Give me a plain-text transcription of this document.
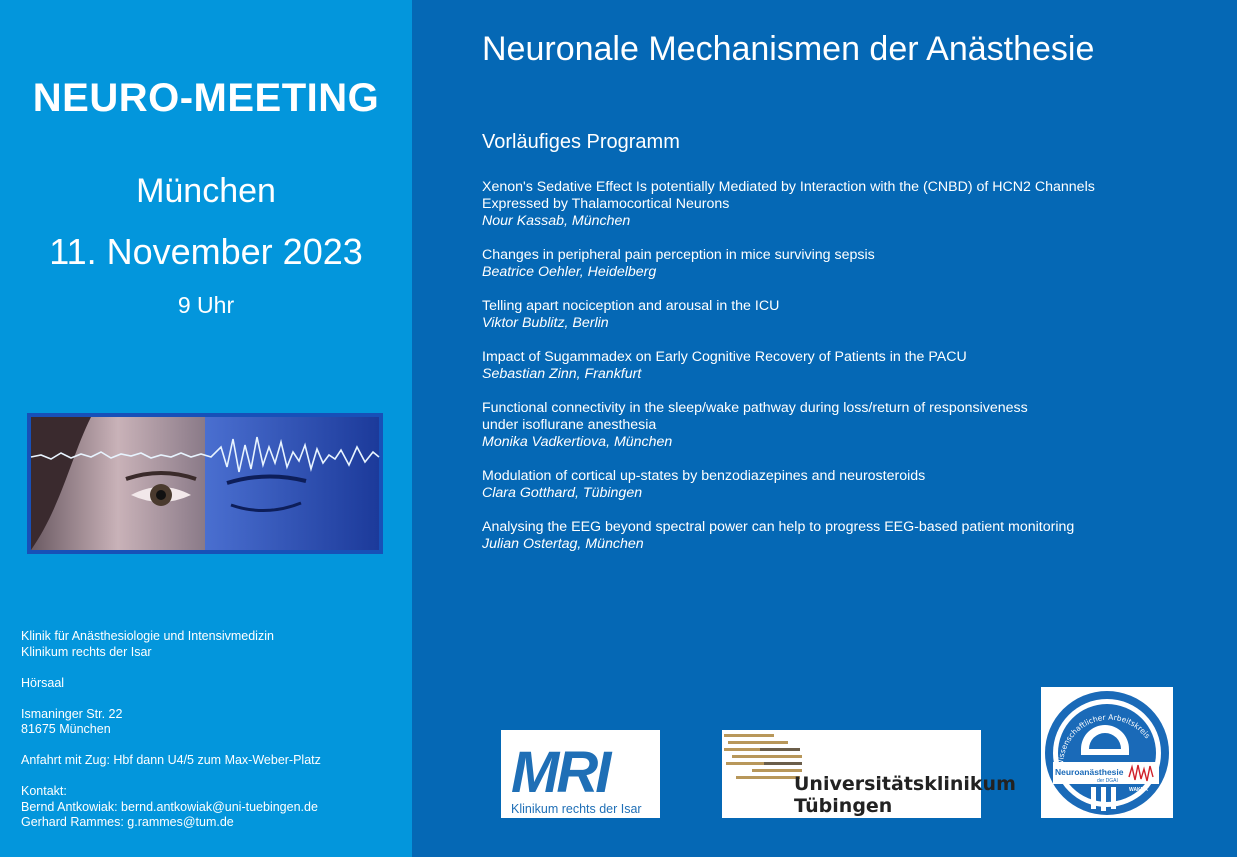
NEURO-MEETING
München
11. November 2023
9 Uhr
Klinik für Anästhesiologie und Intensivmedizin
Klinikum rechts der Isar
Hörsaal
Ismaninger Str. 22
81675 München
Anfahrt mit Zug: Hbf dann U4/5 zum Max-Weber-Platz
Kontakt:
Bernd Antkowiak: bernd.antkowiak@uni-tuebingen.de
Gerhard Rammes: g.rammes@tum.de
Neuronale Mechanismen der Anästhesie
Vorläufiges Programm
Xenon's Sedative Effect Is potentially Mediated by Interaction with the (CNBD) of HCN2 Channels
Expressed by Thalamocortical Neurons
Nour Kassab, München
Changes in peripheral pain perception in mice surviving sepsis
Beatrice Oehler, Heidelberg
Telling apart nociception and arousal in the ICU
Viktor Bublitz, Berlin
Impact of Sugammadex on Early Cognitive Recovery of Patients in the PACU
Sebastian Zinn, Frankfurt
Functional connectivity in the sleep/wake pathway during loss/return of responsiveness
under isoflurane anesthesia
Monika Vadkertiova, München
Modulation of cortical up-states by benzodiazepines and neurosteroids
Clara Gotthard, Tübingen
Analysing the EEG beyond spectral power can help to progress EEG-based patient monitoring
Julian Ostertag, München
MRI
Klinikum rechts der Isar
Universitätsklinikum
Tübingen
issenschaftlicher Arbeitskreis
Neuroanästhesie
der DGAI
WAKNA
